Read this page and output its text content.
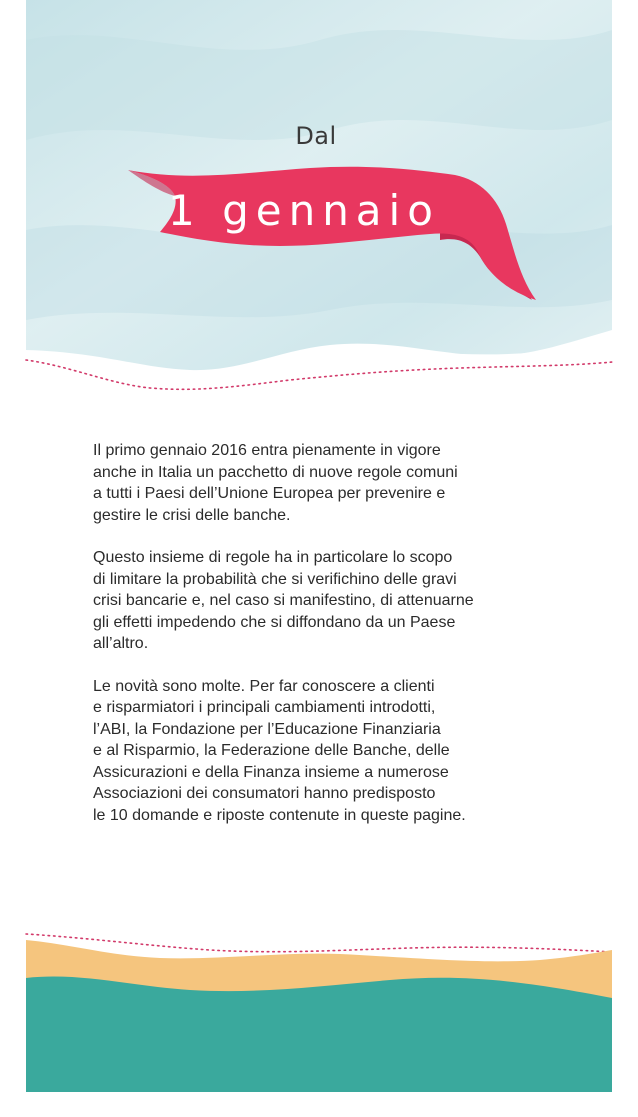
Dal
1 gennaio

Il primo gennaio 2016 entra pienamente in vigore
anche in Italia un pacchetto di nuove regole comuni
a tutti i Paesi dell’Unione Europea per prevenire e
gestire le crisi delle banche.

Questo insieme di regole ha in particolare lo scopo
di limitare la probabilità che si verifichino delle gravi
crisi bancarie e, nel caso si manifestino, di attenuarne
gli effetti impedendo che si diffondano da un Paese
all’altro.

Le novità sono molte. Per far conoscere a clienti
e risparmiatori i principali cambiamenti introdotti,
l’ABI, la Fondazione per l’Educazione Finanziaria
e al Risparmio, la Federazione delle Banche, delle
Assicurazioni e della Finanza insieme a numerose
Associazioni dei consumatori hanno predisposto
le 10 domande e riposte contenute in queste pagine.
